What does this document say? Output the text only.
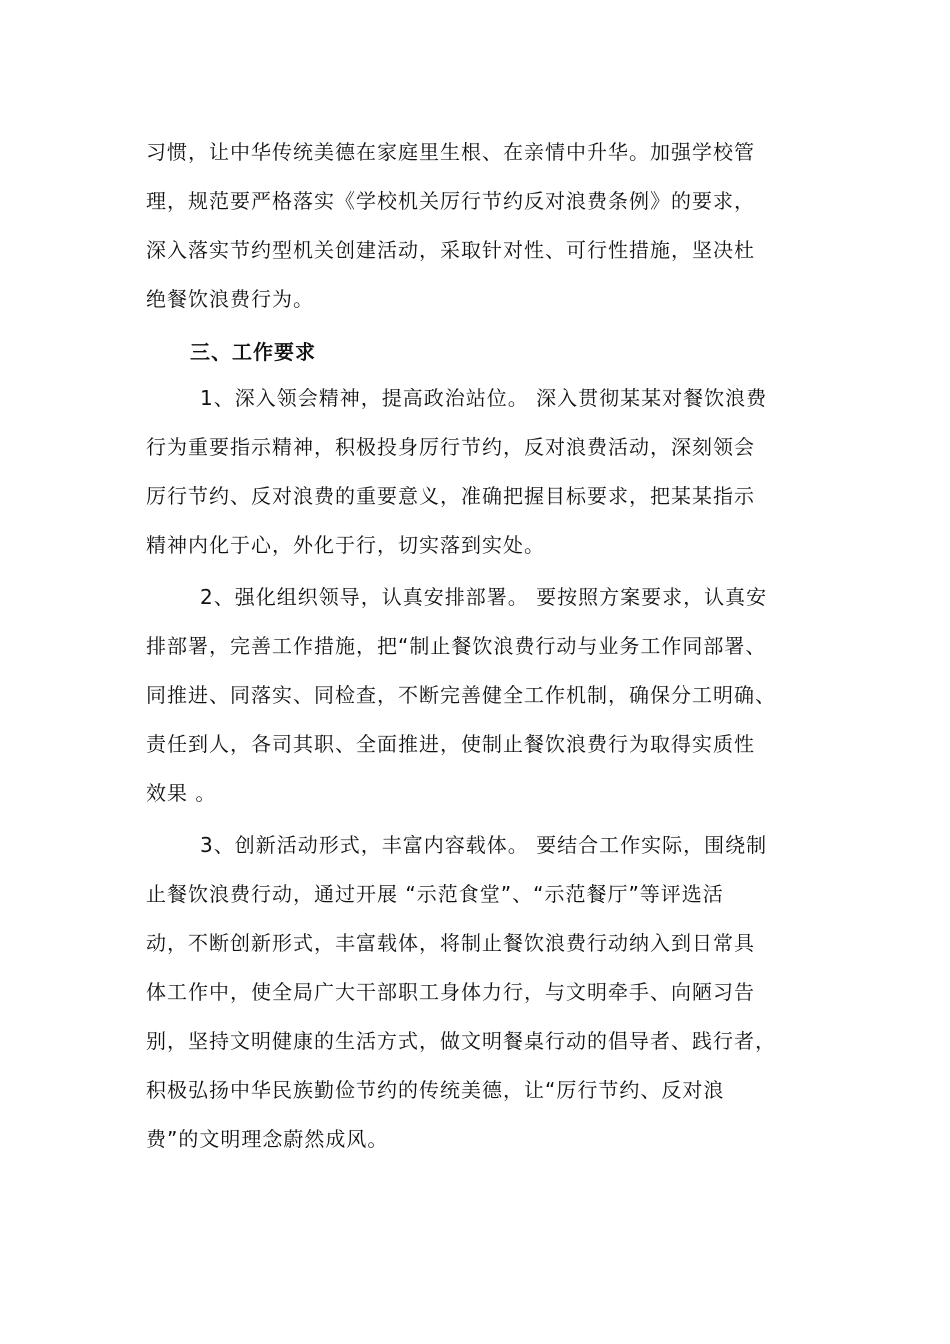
习惯，让中华传统美德在家庭里生根、在亲情中升华。加强学校管
理，规范要严格落实《学校机关厉行节约反对浪费条例》的要求，
深入落实节约型机关创建活动，采取针对性、可行性措施，坚决杜
绝餐饮浪费行为。
三、工作要求
1、深入领会精神，提高政治站位。 深入贯彻某某对餐饮浪费
行为重要指示精神，积极投身厉行节约，反对浪费活动，深刻领会
厉行节约、反对浪费的重要意义，准确把握目标要求，把某某指示
精神内化于心，外化于行，切实落到实处。
2、强化组织领导，认真安排部署。 要按照方案要求，认真安
排部署，完善工作措施，把“制止餐饮浪费行动与业务工作同部署、
同推进、同落实、同检查，不断完善健全工作机制，确保分工明确、
责任到人，各司其职、全面推进，使制止餐饮浪费行为取得实质性
效果 。
3、创新活动形式，丰富内容载体。 要结合工作实际，围绕制
止餐饮浪费行动，通过开展 “示范食堂”、“示范餐厅”等评选活
动，不断创新形式，丰富载体，将制止餐饮浪费行动纳入到日常具
体工作中，使全局广大干部职工身体力行，与文明牵手、向陋习告
别，坚持文明健康的生活方式，做文明餐桌行动的倡导者、践行者，
积极弘扬中华民族勤俭节约的传统美德，让“厉行节约、反对浪
费”的文明理念蔚然成风。
